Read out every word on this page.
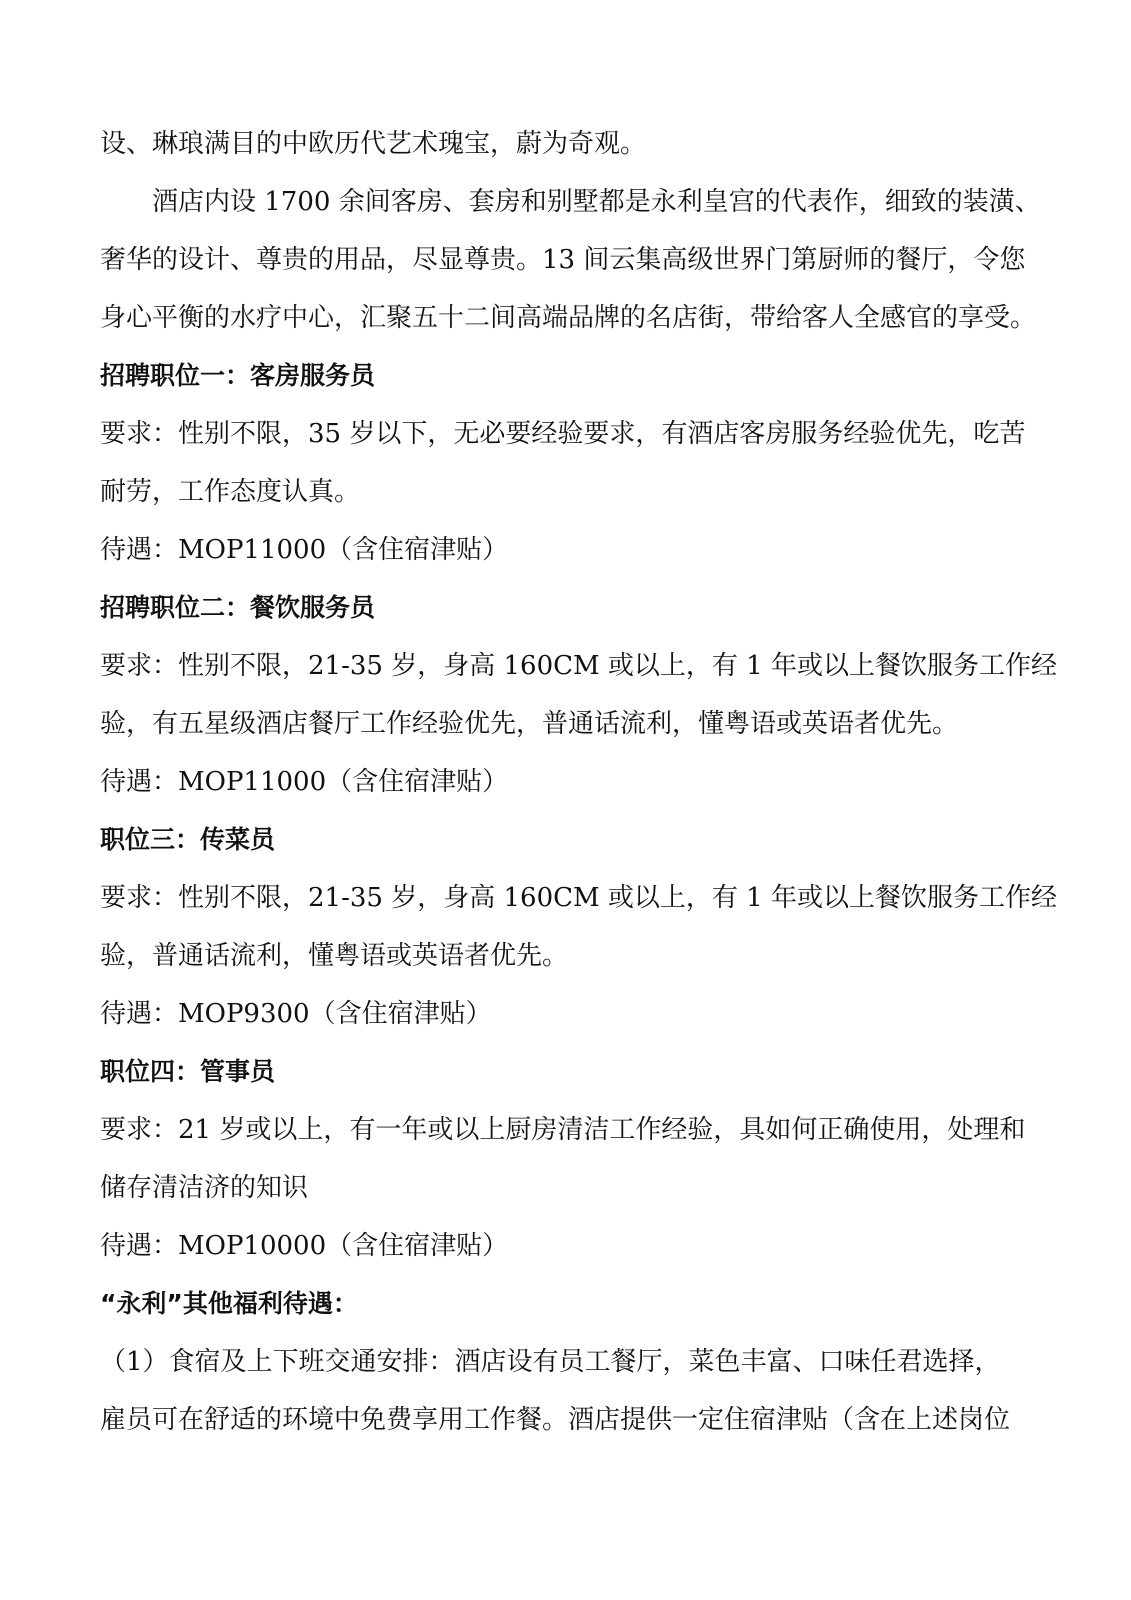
设、琳琅满目的中欧历代艺术瑰宝，蔚为奇观。
酒店内设 1700 余间客房、套房和别墅都是永利皇宫的代表作，细致的装潢、
奢华的设计、尊贵的用品，尽显尊贵。13 间云集高级世界门第厨师的餐厅，令您
身心平衡的水疗中心，汇聚五十二间高端品牌的名店街，带给客人全感官的享受。
招聘职位一：客房服务员
要求：性别不限，35 岁以下，无必要经验要求，有酒店客房服务经验优先，吃苦
耐劳，工作态度认真。
待遇：MOP11000（含住宿津贴）
招聘职位二：餐饮服务员
要求：性别不限，21-35 岁，身高 160CM 或以上，有 1 年或以上餐饮服务工作经
验，有五星级酒店餐厅工作经验优先，普通话流利，懂粤语或英语者优先。
待遇：MOP11000（含住宿津贴）
职位三：传菜员
要求：性别不限，21-35 岁，身高 160CM 或以上，有 1 年或以上餐饮服务工作经
验，普通话流利，懂粤语或英语者优先。
待遇：MOP9300（含住宿津贴）
职位四：管事员
要求：21 岁或以上，有一年或以上厨房清洁工作经验，具如何正确使用，处理和
储存清洁济的知识
待遇：MOP10000（含住宿津贴）
“永利”其他福利待遇：
（1）食宿及上下班交通安排：酒店设有员工餐厅，菜色丰富、口味任君选择，
雇员可在舒适的环境中免费享用工作餐。酒店提供一定住宿津贴（含在上述岗位
